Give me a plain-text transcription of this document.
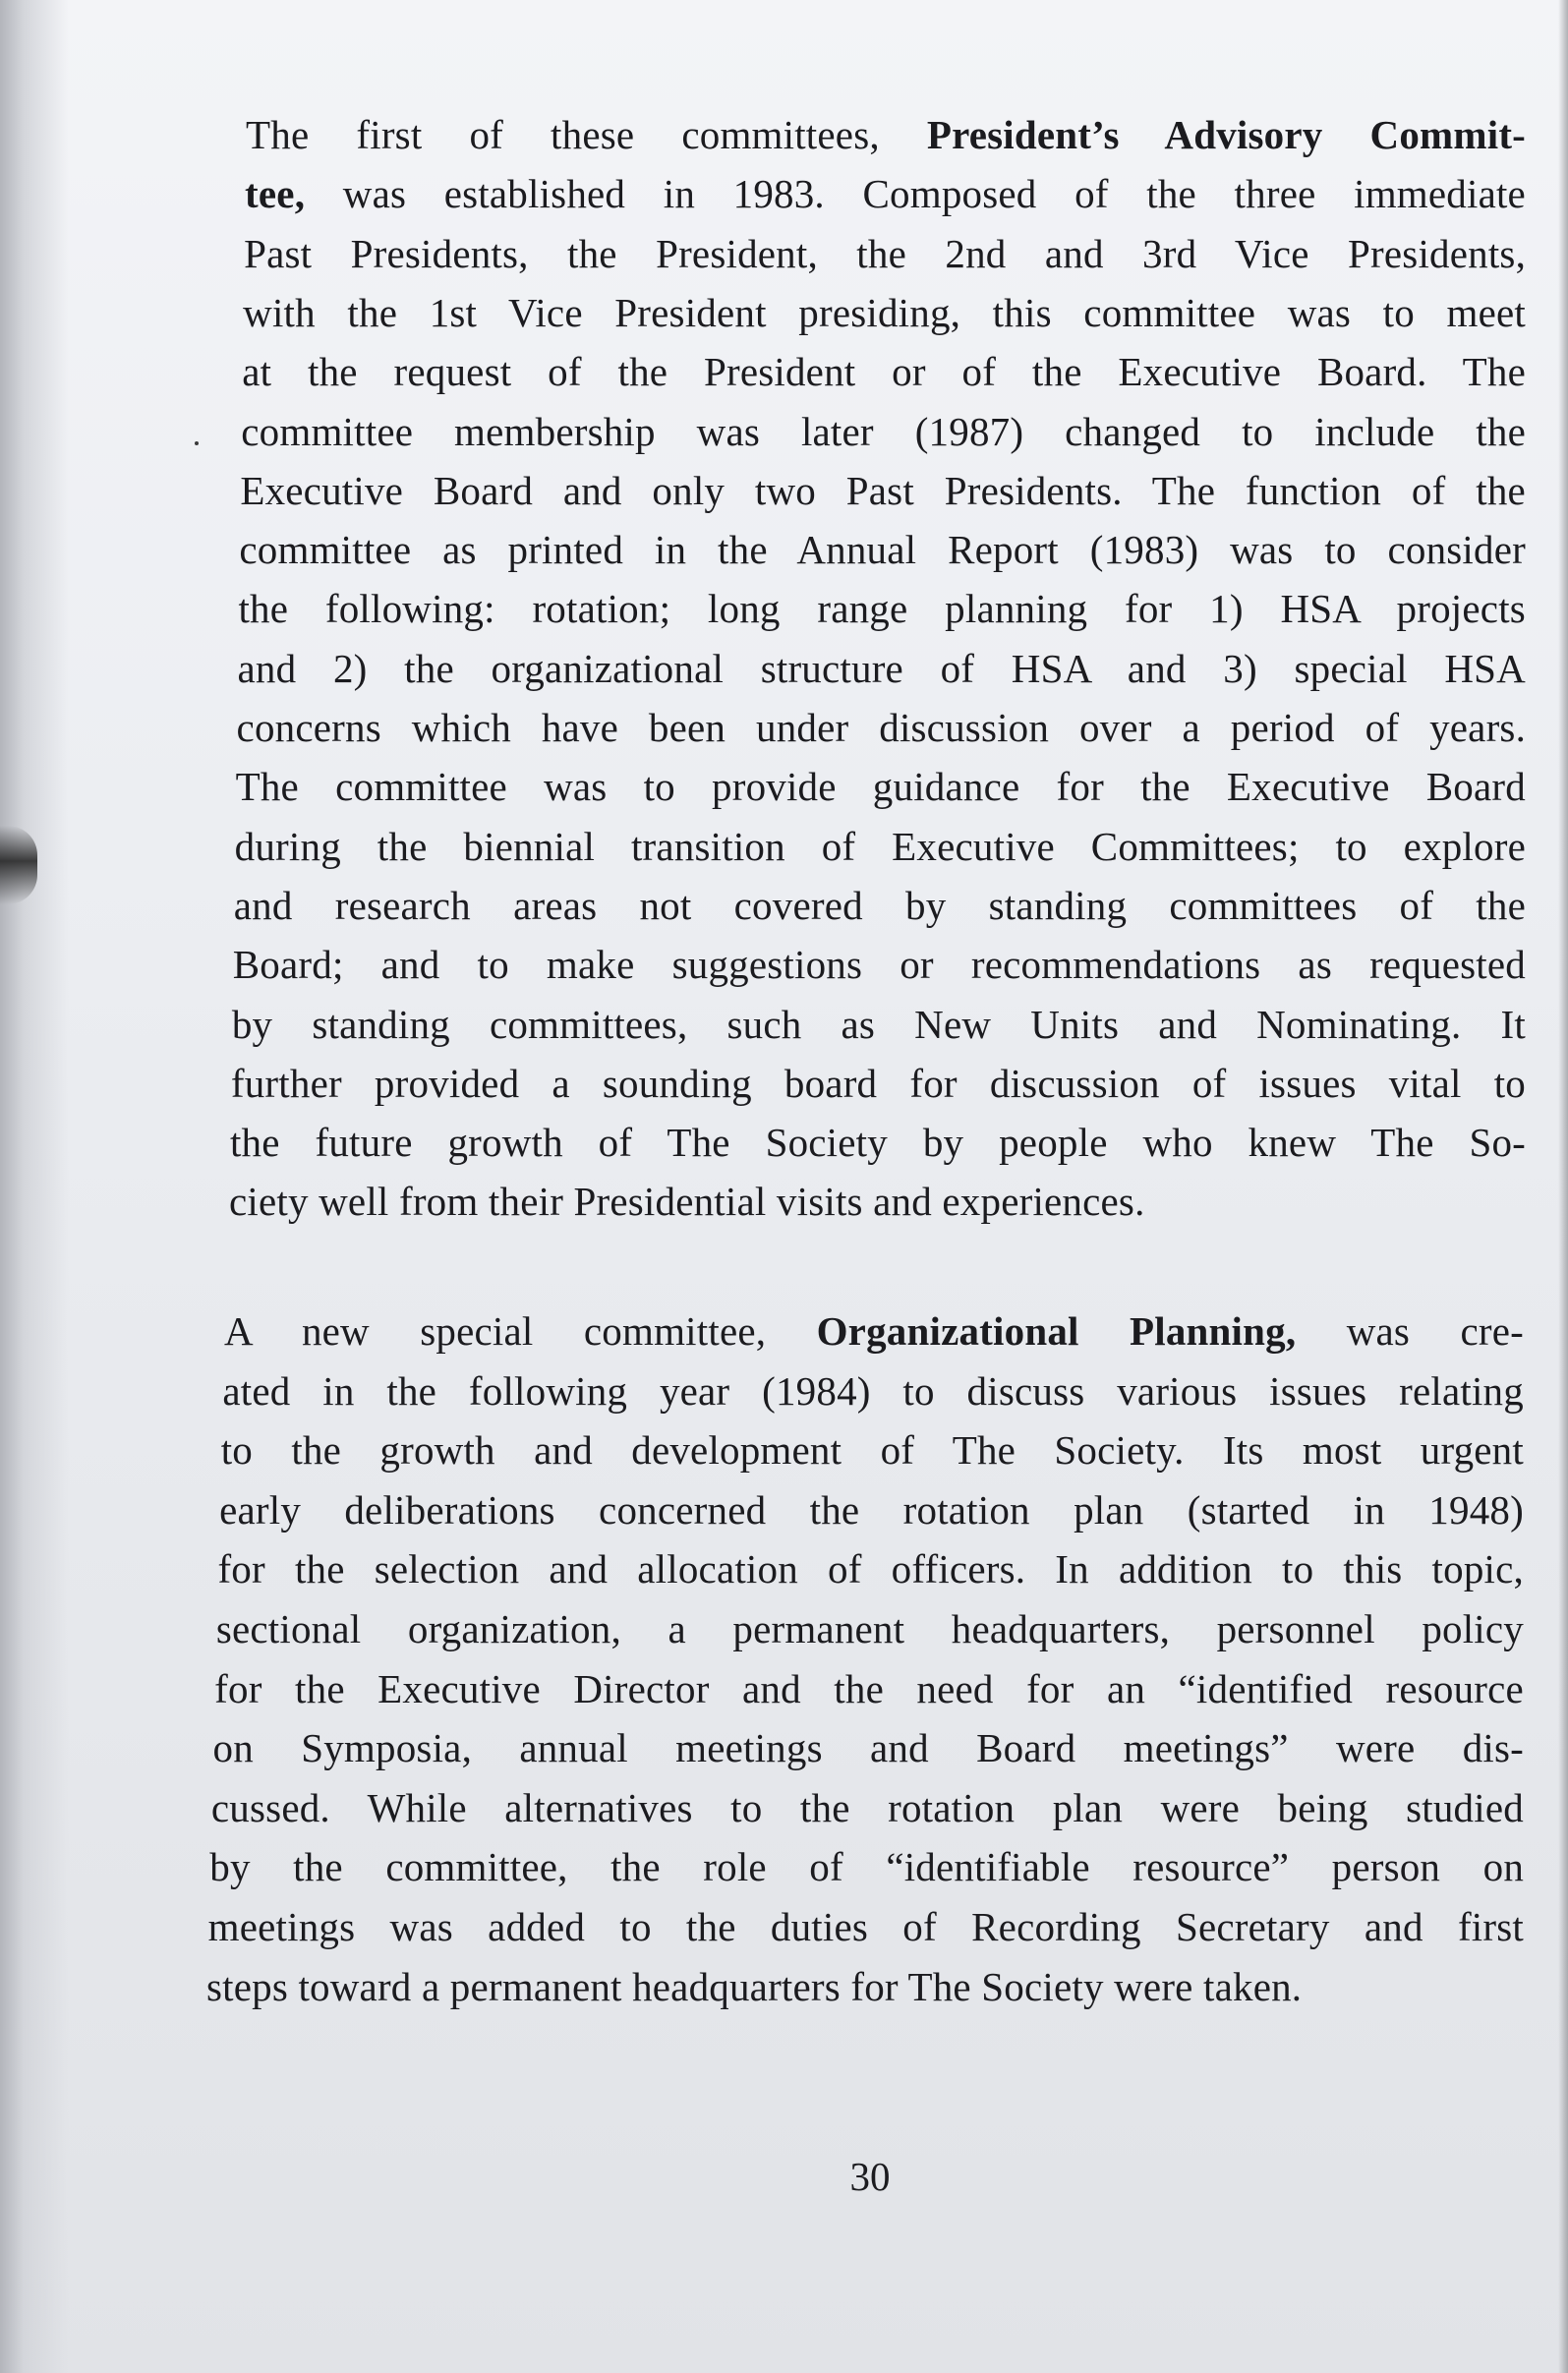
The first of these committees, President’s Advisory Commit-
tee, was established in 1983. Composed of the three immediate
Past Presidents, the President, the 2nd and 3rd Vice Presidents,
with the 1st Vice President presiding, this committee was to meet
at the request of the President or of the Executive Board. The
committee membership was later (1987) changed to include the
Executive Board and only two Past Presidents. The function of the
committee as printed in the Annual Report (1983) was to consider
the following: rotation; long range planning for 1) HSA projects
and 2) the organizational structure of HSA and 3) special HSA
concerns which have been under discussion over a period of years.
The committee was to provide guidance for the Executive Board
during the biennial transition of Executive Committees; to explore
and research areas not covered by standing committees of the
Board; and to make suggestions or recommendations as requested
by standing committees, such as New Units and Nominating. It
further provided a sounding board for discussion of issues vital to
the future growth of The Society by people who knew The So-
ciety well from their Presidential visits and experiences.
A new special committee, Organizational Planning, was cre-
ated in the following year (1984) to discuss various issues relating
to the growth and development of The Society. Its most urgent
early deliberations concerned the rotation plan (started in 1948)
for the selection and allocation of officers. In addition to this topic,
sectional organization, a permanent headquarters, personnel policy
for the Executive Director and the need for an “identified resource
on Symposia, annual meetings and Board meetings” were dis-
cussed. While alternatives to the rotation plan were being studied
by the committee, the role of “identifiable resource” person on
meetings was added to the duties of Recording Secretary and first
steps toward a permanent headquarters for The Society were taken.
30
